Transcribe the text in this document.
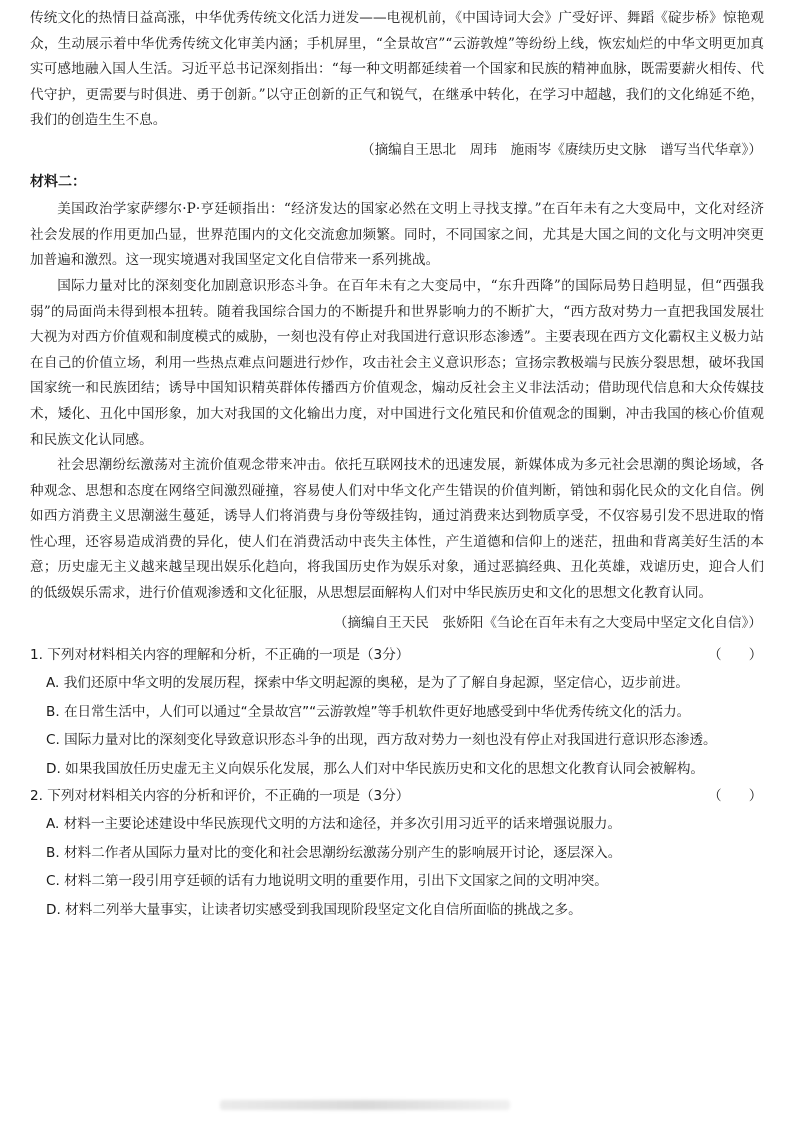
传统文化的热情日益高涨，中华优秀传统文化活力迸发——电视机前，《中国诗词大会》广受好评、舞蹈《碇步桥》惊艳观众，生动展示着中华优秀传统文化审美内涵；手机屏里，“全景故宫”“云游敦煌”等纷纷上线，恢宏灿烂的中华文明更加真实可感地融入国人生活。习近平总书记深刻指出：“每一种文明都延续着一个国家和民族的精神血脉，既需要薪火相传、代代守护，更需要与时俱进、勇于创新。”以守正创新的正气和锐气，在继承中转化，在学习中超越，我们的文化绵延不绝，我们的创造生生不息。

（摘编自王思北　周玮　施雨岑《赓续历史文脉　谱写当代华章》）

材料二：

美国政治学家萨缪尔·P·亨廷顿指出：“经济发达的国家必然在文明上寻找支撑。”在百年未有之大变局中，文化对经济社会发展的作用更加凸显，世界范围内的文化交流愈加频繁。同时，不同国家之间，尤其是大国之间的文化与文明冲突更加普遍和激烈。这一现实境遇对我国坚定文化自信带来一系列挑战。

国际力量对比的深刻变化加剧意识形态斗争。在百年未有之大变局中，“东升西降”的国际局势日趋明显，但“西强我弱”的局面尚未得到根本扭转。随着我国综合国力的不断提升和世界影响力的不断扩大，“西方敌对势力一直把我国发展壮大视为对西方价值观和制度模式的威胁，一刻也没有停止对我国进行意识形态渗透”。主要表现在西方文化霸权主义极力站在自己的价值立场，利用一些热点难点问题进行炒作，攻击社会主义意识形态；宣扬宗教极端与民族分裂思想，破坏我国国家统一和民族团结；诱导中国知识精英群体传播西方价值观念，煽动反社会主义非法活动；借助现代信息和大众传媒技术，矮化、丑化中国形象，加大对我国的文化输出力度，对中国进行文化殖民和价值观念的围剿，冲击我国的核心价值观和民族文化认同感。

社会思潮纷纭激荡对主流价值观念带来冲击。依托互联网技术的迅速发展，新媒体成为多元社会思潮的舆论场域，各种观念、思想和态度在网络空间激烈碰撞，容易使人们对中华文化产生错误的价值判断，销蚀和弱化民众的文化自信。例如西方消费主义思潮滋生蔓延，诱导人们将消费与身份等级挂钩，通过消费来达到物质享受，不仅容易引发不思进取的惰性心理，还容易造成消费的异化，使人们在消费活动中丧失主体性，产生道德和信仰上的迷茫，扭曲和背离美好生活的本意；历史虚无主义越来越呈现出娱乐化趋向，将我国历史作为娱乐对象，通过恶搞经典、丑化英雄，戏谑历史，迎合人们的低级娱乐需求，进行价值观渗透和文化征服，从思想层面解构人们对中华民族历史和文化的思想文化教育认同。

（摘编自王天民　张娇阳《刍论在百年未有之大变局中坚定文化自信》）

1. 下列对材料相关内容的理解和分析，不正确的一项是（3分）	（　　）

A. 我们还原中华文明的发展历程，探索中华文明起源的奥秘，是为了了解自身起源，坚定信心，迈步前进。

B. 在日常生活中，人们可以通过“全景故宫”“云游敦煌”等手机软件更好地感受到中华优秀传统文化的活力。

C. 国际力量对比的深刻变化导致意识形态斗争的出现，西方敌对势力一刻也没有停止对我国进行意识形态渗透。

D. 如果我国放任历史虚无主义向娱乐化发展，那么人们对中华民族历史和文化的思想文化教育认同会被解构。

2. 下列对材料相关内容的分析和评价，不正确的一项是（3分）	（　　）

A. 材料一主要论述建设中华民族现代文明的方法和途径，并多次引用习近平的话来增强说服力。

B. 材料二作者从国际力量对比的变化和社会思潮纷纭激荡分别产生的影响展开讨论，逐层深入。

C. 材料二第一段引用亨廷顿的话有力地说明文明的重要作用，引出下文国家之间的文明冲突。

D. 材料二列举大量事实，让读者切实感受到我国现阶段坚定文化自信所面临的挑战之多。
